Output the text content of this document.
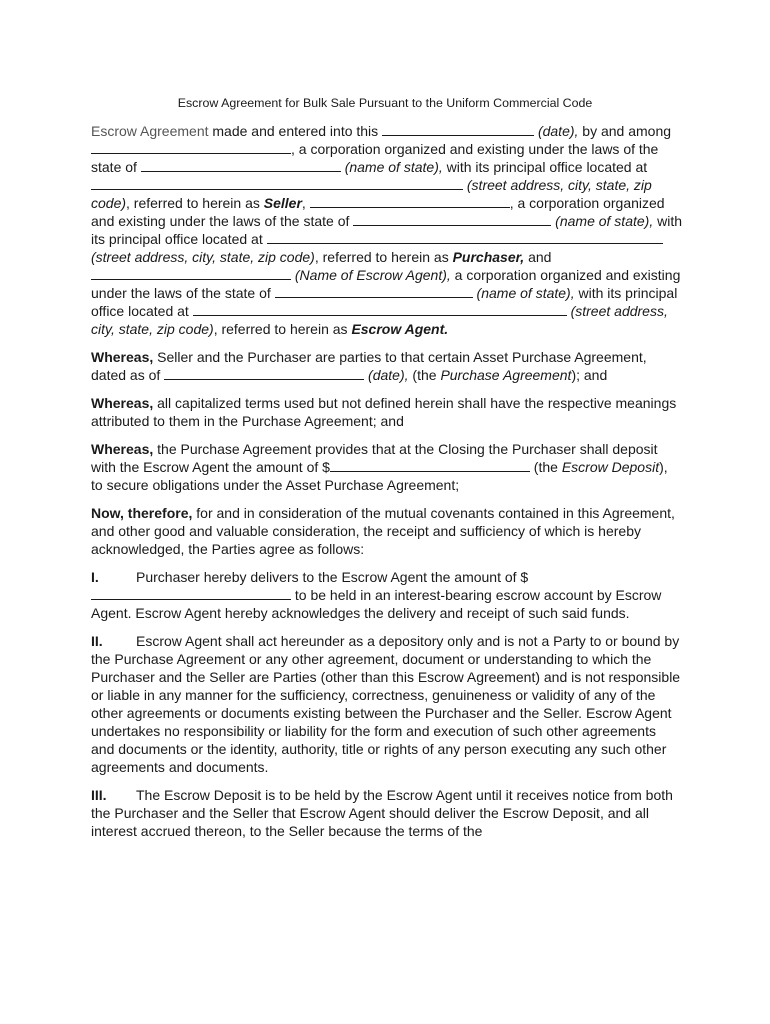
Escrow Agreement for Bulk Sale Pursuant to the Uniform Commercial Code

Escrow Agreement made and entered into this	(date), by and among , a corporation organized and existing under the laws of the state of	(name of state), with its principal office located at  (street address, city, state, zip code), referred to herein as Seller,	, a corporation organized and existing under the laws of the state of	(name of state), with its principal office located at  (street address, city, state, zip code), referred to herein as Purchaser, and  (Name of Escrow Agent), a corporation organized and existing under the laws of the state of	(name of state), with its principal office located at	(street address, city, state, zip code), referred to herein as Escrow Agent.

Whereas, Seller and the Purchaser are parties to that certain Asset Purchase Agreement, dated as of	(date), (the Purchase Agreement); and

Whereas, all capitalized terms used but not defined herein shall have the respective meanings attributed to them in the Purchase Agreement; and

Whereas, the Purchase Agreement provides that at the Closing the Purchaser shall deposit with the Escrow Agent the amount of $	(the Escrow Deposit), to secure obligations under the Asset Purchase Agreement;

Now, therefore, for and in consideration of the mutual covenants contained in this Agreement, and other good and valuable consideration, the receipt and sufficiency of which is hereby acknowledged, the Parties agree as follows:

I.	Purchaser hereby delivers to the Escrow Agent the amount of $ to be held in an interest-bearing escrow account by Escrow Agent. Escrow Agent hereby acknowledges the delivery and receipt of such said funds.

II. Escrow Agent shall act hereunder as a depository only and is not a Party to or bound by the Purchase Agreement or any other agreement, document or understanding to which the Purchaser and the Seller are Parties (other than this Escrow Agreement) and is not responsible or liable in any manner for the sufficiency, correctness, genuineness or validity of any of the other agreements or documents existing between the Purchaser and the Seller. Escrow Agent undertakes no responsibility or liability for the form and execution of such other agreements and documents or the identity, authority, title or rights of any person executing any such other agreements and documents.

III. The Escrow Deposit is to be held by the Escrow Agent until it receives notice from both the Purchaser and the Seller that Escrow Agent should deliver the Escrow Deposit, and all interest accrued thereon, to the Seller because the terms of the
